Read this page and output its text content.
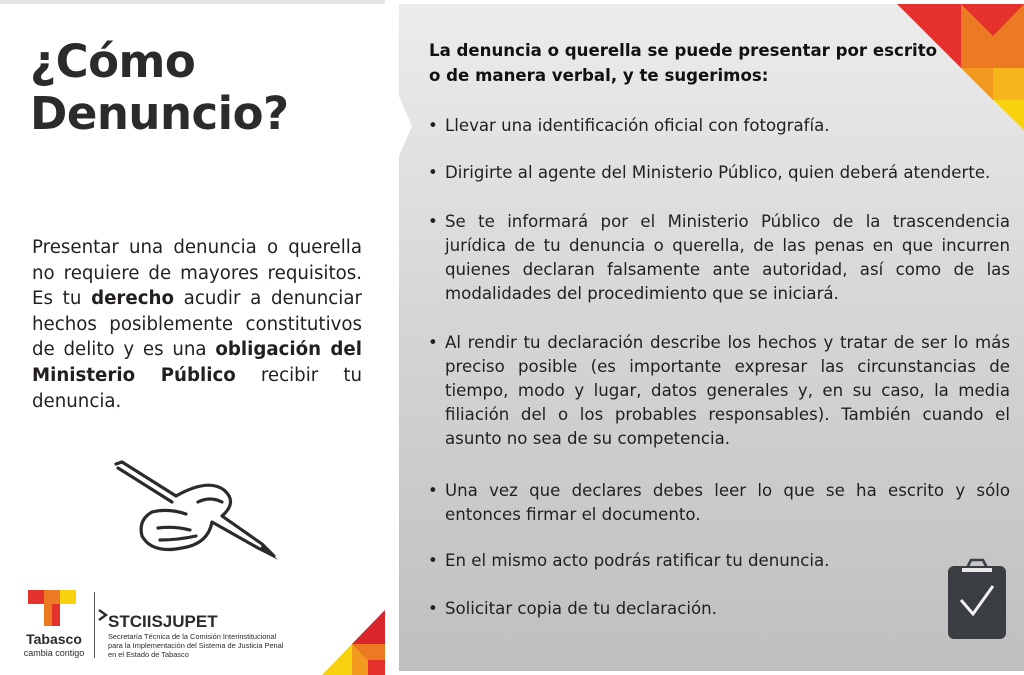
¿Cómo
Denuncio?

Presentar una denuncia o querella no requiere de mayores requisitos. Es tu derecho acudir a denunciar hechos posiblemente constitutivos de delito y es una obligación del Ministerio Público recibir tu denuncia.

Tabasco
cambia contigo
STCIISJUPET
Secretaría Técnica de la Comisión Interinstitucional
para la Implementación del Sistema de Justicia Penal
en el Estado de Tabasco
La denuncia o querella se puede presentar por escrito o de manera verbal, y te sugerimos:
• Llevar una identificación oficial con fotografía.
• Dirigirte al agente del Ministerio Público, quien deberá atenderte.
• Se te informará por el Ministerio Público de la trascendencia jurídica de tu denuncia o querella, de las penas en que incurren quienes declaran falsamente ante autoridad, así como de las modalidades del procedimiento que se iniciará.
• Al rendir tu declaración describe los hechos y tratar de ser lo más preciso posible (es importante expresar las circunstancias de tiempo, modo y lugar, datos generales y, en su caso, la media filiación del o los probables responsables). También cuando el asunto no sea de su competencia.
• Una vez que declares debes leer lo que se ha escrito y sólo entonces firmar el documento.
• En el mismo acto podrás ratificar tu denuncia.
• Solicitar copia de tu declaración.
